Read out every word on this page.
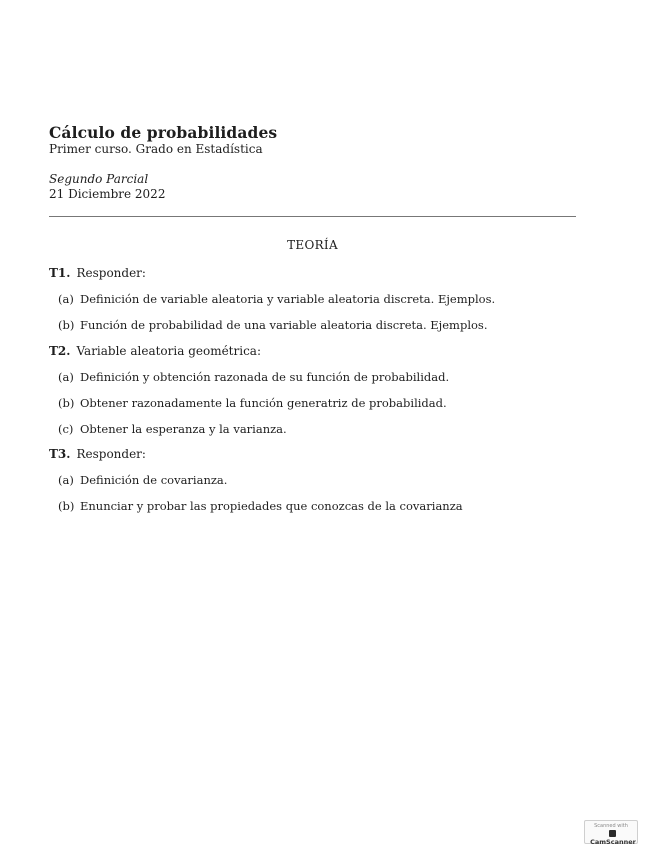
Cálculo de probabilidades
Primer curso. Grado en Estadística
Segundo Parcial
21 Diciembre 2022
TEORÍA
T1. Responder:
(a) Definición de variable aleatoria y variable aleatoria discreta. Ejemplos.
(b) Función de probabilidad de una variable aleatoria discreta. Ejemplos.
T2. Variable aleatoria geométrica:
(a) Definición y obtención razonada de su función de probabilidad.
(b) Obtener razonadamente la función generatriz de probabilidad.
(c) Obtener la esperanza y la varianza.
T3. Responder:
(a) Definición de covarianza.
(b) Enunciar y probar las propiedades que conozcas de la covarianza
Scanned with
CamScanner
